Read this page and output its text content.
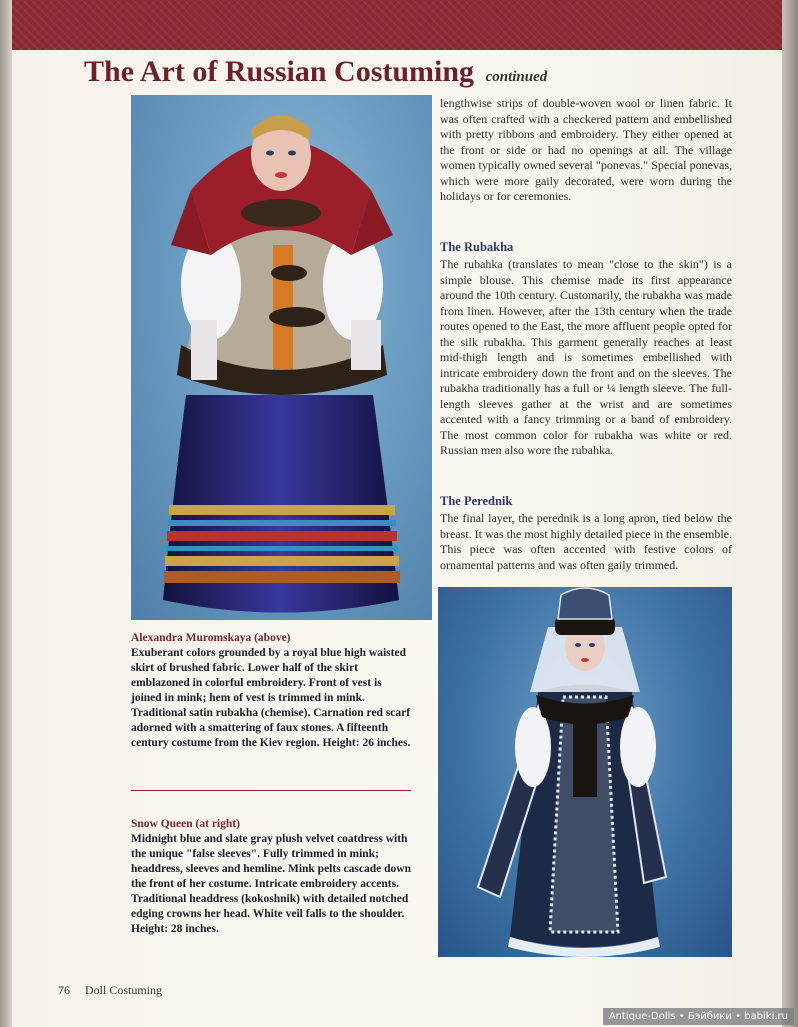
The Art of Russian Costuming continued

lengthwise strips of double-woven wool or linen fabric. It was often crafted with a checkered pattern and embellished with pretty ribbons and embroidery. They either opened at the front or side or had no openings at all. The village women typically owned several "ponevas." Special ponevas, which were more gaily decorated, were worn during the holidays or for ceremonies.

The Rubakha

The rubahka (translates to mean "close to the skin") is a simple blouse. This chemise made its first appearance around the 10th century. Customarily, the rubakha was made from linen. However, after the 13th century when the trade routes opened to the East, the more affluent people opted for the silk rubakha. This garment generally reaches at least mid-thigh length and is sometimes embellished with intricate embroidery down the front and on the sleeves. The rubakha traditionally has a full or ¼ length sleeve. The full-length sleeves gather at the wrist and are sometimes accented with a fancy trimming or a band of embroidery. The most common color for rubakha was white or red. Russian men also wore the rubahka.

The Perednik

The final layer, the perednik is a long apron, tied below the breast. It was the most highly detailed piece in the ensemble. This piece was often accented with festive colors of ornamental patterns and was often gaily trimmed.

Alexandra Muromskaya (above)
Exuberant colors grounded by a royal blue high waisted skirt of brushed fabric. Lower half of the skirt emblazoned in colorful embroidery. Front of vest is joined in mink; hem of vest is trimmed in mink. Traditional satin rubakha (chemise). Carnation red scarf adorned with a smattering of faux stones. A fifteenth century costume from the Kiev region. Height: 26 inches.
Snow Queen (at right)
Midnight blue and slate gray plush velvet coatdress with the unique "false sleeves". Fully trimmed in mink; headdress, sleeves and hemline. Mink pelts cascade down the front of her costume. Intricate embroidery accents. Traditional headdress (kokoshnik) with detailed notched edging crowns her head. White veil falls to the shoulder. Height: 28 inches.
76 Doll Costuming
Antique-Dolls • Бэйбики • babiki.ru
